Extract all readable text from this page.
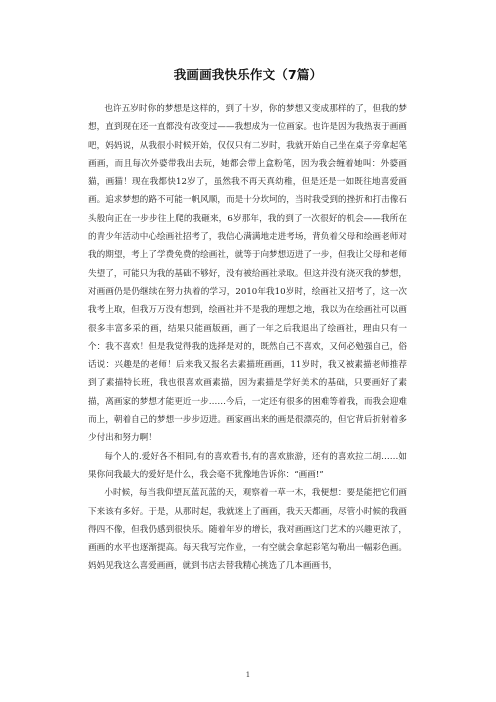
我画画我快乐作文（7篇）

也许五岁时你的梦想是这样的，到了十岁，你的梦想又变成那样的了，但我的梦想，直到现在还一直都没有改变过——我想成为一位画家。也许是因为我热衷于画画吧，妈妈说，从我很小时候开始，仅仅只有二岁时，我就开始自己坐在桌子旁拿起笔画画，而且每次外婆带我出去玩，她都会带上盒粉笔，因为我会缠着她叫：外婆画猫，画猫！现在我都快12岁了，虽然我不再天真幼稚，但是还是一如既往地喜爱画画。追求梦想的路不可能一帆风顺，而是十分坎坷的，当时我受到的挫折和打击像石头般向正在一步步往上爬的我砸来，6岁那年，我的到了一次很好的机会——我所在的青少年活动中心绘画社招考了，我信心满满地走进考场，背负着父母和绘画老师对我的期望，考上了学费免费的绘画社，就等于向梦想迈进了一步，但我让父母和老师失望了，可能只为我的基础不够好，没有被给画社录取。但这并没有浇灭我的梦想，对画画仍是仍继续在努力执着的学习，2010年我10岁时，绘画社又招考了，这一次我考上取，但我万万没有想到，绘画社并不是我的理想之地，我以为在绘画社可以画很多丰富多采的画，结果只能画版画，画了一年之后我退出了绘画社，理由只有一个：我不喜欢！但是我觉得我的选择是对的，既然自己不喜欢，又何必勉强自己，俗话说：兴趣是的老师！后来我又报名去素描班画画，11岁时，我又被素描老师推荐到了素描特长班，我也很喜欢画素描，因为素描是学好美术的基础，只要画好了素描，离画家的梦想才能更近一步……今后，一定还有很多的困难等着我，而我会迎难而上，朝着自己的梦想一步步迈进。画家画出来的画是很漂亮的，但它背后折射着多少付出和努力啊！

每个人的.爱好各不相同,有的喜欢看书,有的喜欢旅游，还有的喜欢拉二胡……如果你问我最大的爱好是什么，我会毫不犹豫地告诉你：“画画!”

小时候，每当我仰望瓦蓝瓦蓝的天，观察着一草一木，我便想：要是能把它们画下来该有多好。于是，从那时起，我就迷上了画画，我天天都画，尽管小时候的我画得四不像，但我仍感到很快乐。随着年岁的增长，我对画画这门艺术的兴趣更浓了，画画的水平也逐渐提高。每天我写完作业，一有空就会拿起彩笔勾勒出一幅彩色画。妈妈见我这么喜爱画画，就到书店去替我精心挑选了几本画画书，

1
